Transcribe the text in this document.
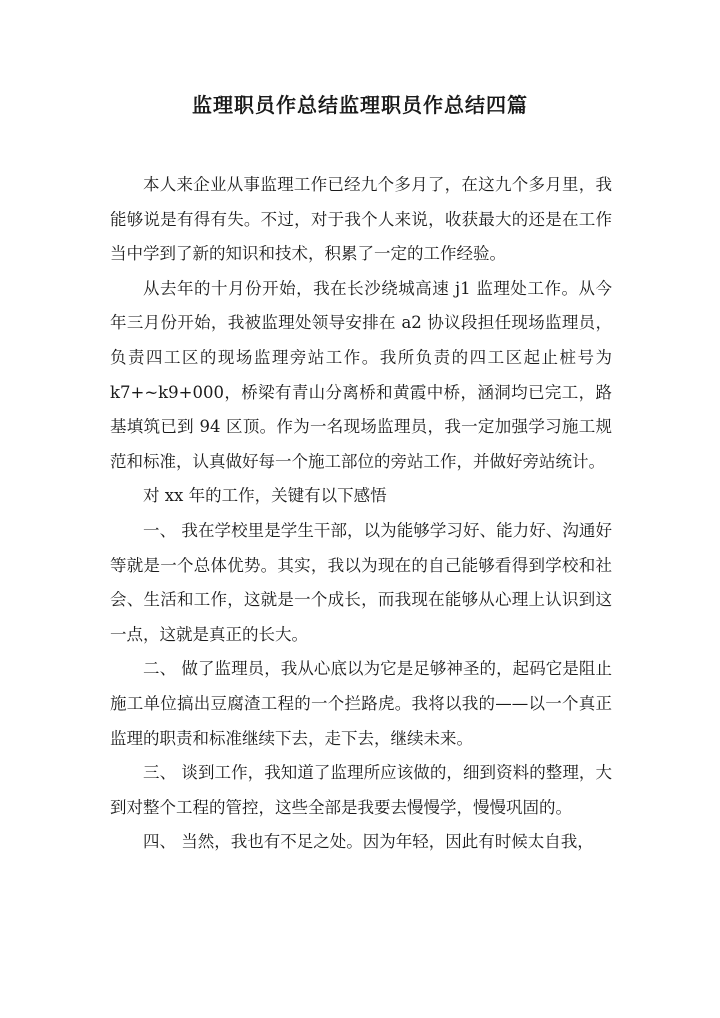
监理职员作总结监理职员作总结四篇

本人来企业从事监理工作已经九个多月了，在这九个多月里，我能够说是有得有失。不过，对于我个人来说，收获最大的还是在工作当中学到了新的知识和技术，积累了一定的工作经验。

从去年的十月份开始，我在长沙绕城高速 j1 监理处工作。从今年三月份开始，我被监理处领导安排在 a2 协议段担任现场监理员，负责四工区的现场监理旁站工作。我所负责的四工区起止桩号为 k7+~k9+000，桥梁有青山分离桥和黄霞中桥，涵洞均已完工，路基填筑已到 94 区顶。作为一名现场监理员，我一定加强学习施工规范和标准，认真做好每一个施工部位的旁站工作，并做好旁站统计。

对 xx 年的工作，关键有以下感悟

一、 我在学校里是学生干部，以为能够学习好、能力好、沟通好等就是一个总体优势。其实，我以为现在的自己能够看得到学校和社会、生活和工作，这就是一个成长，而我现在能够从心理上认识到这一点，这就是真正的长大。

二、 做了监理员，我从心底以为它是足够神圣的，起码它是阻止施工单位搞出豆腐渣工程的一个拦路虎。我将以我的——以一个真正监理的职责和标准继续下去，走下去，继续未来。

三、 谈到工作，我知道了监理所应该做的，细到资料的整理，大到对整个工程的管控，这些全部是我要去慢慢学，慢慢巩固的。

四、 当然，我也有不足之处。因为年轻，因此有时候太自我，
